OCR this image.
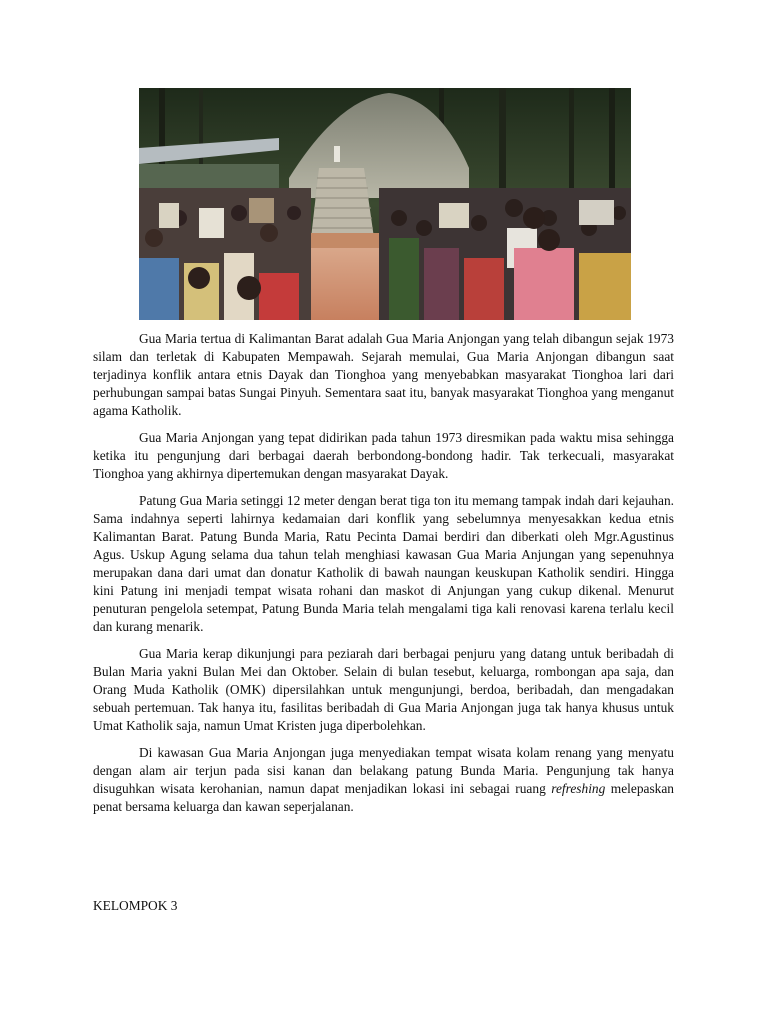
Gua Maria tertua di Kalimantan Barat adalah Gua Maria Anjongan yang telah dibangun sejak 1973 silam dan terletak di Kabupaten Mempawah. Sejarah memulai, Gua Maria Anjongan dibangun saat terjadinya konflik antara etnis Dayak dan Tionghoa yang menyebabkan masyarakat Tionghoa lari dari perhubungan sampai batas Sungai Pinyuh. Sementara saat itu, banyak masyarakat Tionghoa yang menganut agama Katholik.

Gua Maria Anjongan yang tepat didirikan pada tahun 1973 diresmikan pada waktu misa sehingga ketika itu pengunjung dari berbagai daerah berbondong-bondong hadir. Tak terkecuali, masyarakat Tionghoa yang akhirnya dipertemukan dengan masyarakat Dayak.

Patung Gua Maria setinggi 12 meter dengan berat tiga ton itu memang tampak indah dari kejauhan. Sama indahnya seperti lahirnya kedamaian dari konflik yang sebelumnya menyesakkan kedua etnis Kalimantan Barat. Patung Bunda Maria, Ratu Pecinta Damai berdiri dan diberkati oleh Mgr.Agustinus Agus. Uskup Agung selama dua tahun telah menghiasi kawasan Gua Maria Anjungan yang sepenuhnya merupakan dana dari umat dan donatur Katholik di bawah naungan keuskupan Katholik sendiri. Hingga kini Patung ini menjadi tempat wisata rohani dan maskot di Anjungan yang cukup dikenal. Menurut penuturan pengelola setempat, Patung Bunda Maria telah mengalami tiga kali renovasi karena terlalu kecil dan kurang menarik.

Gua Maria kerap dikunjungi para peziarah dari berbagai penjuru yang datang untuk beribadah di Bulan Maria yakni Bulan Mei dan Oktober. Selain di bulan tesebut, keluarga, rombongan apa saja, dan Orang Muda Katholik (OMK) dipersilahkan untuk mengunjungi, berdoa, beribadah, dan mengadakan sebuah pertemuan. Tak hanya itu, fasilitas beribadah di Gua Maria Anjongan juga tak hanya khusus untuk Umat Katholik saja, namun Umat Kristen juga diperbolehkan.

Di kawasan Gua Maria Anjongan juga menyediakan tempat wisata kolam renang yang menyatu dengan alam air terjun pada sisi kanan dan belakang patung Bunda Maria. Pengunjung tak hanya disuguhkan wisata kerohanian, namun dapat menjadikan lokasi ini sebagai ruang refreshing melepaskan penat bersama keluarga dan kawan seperjalanan.

KELOMPOK 3
